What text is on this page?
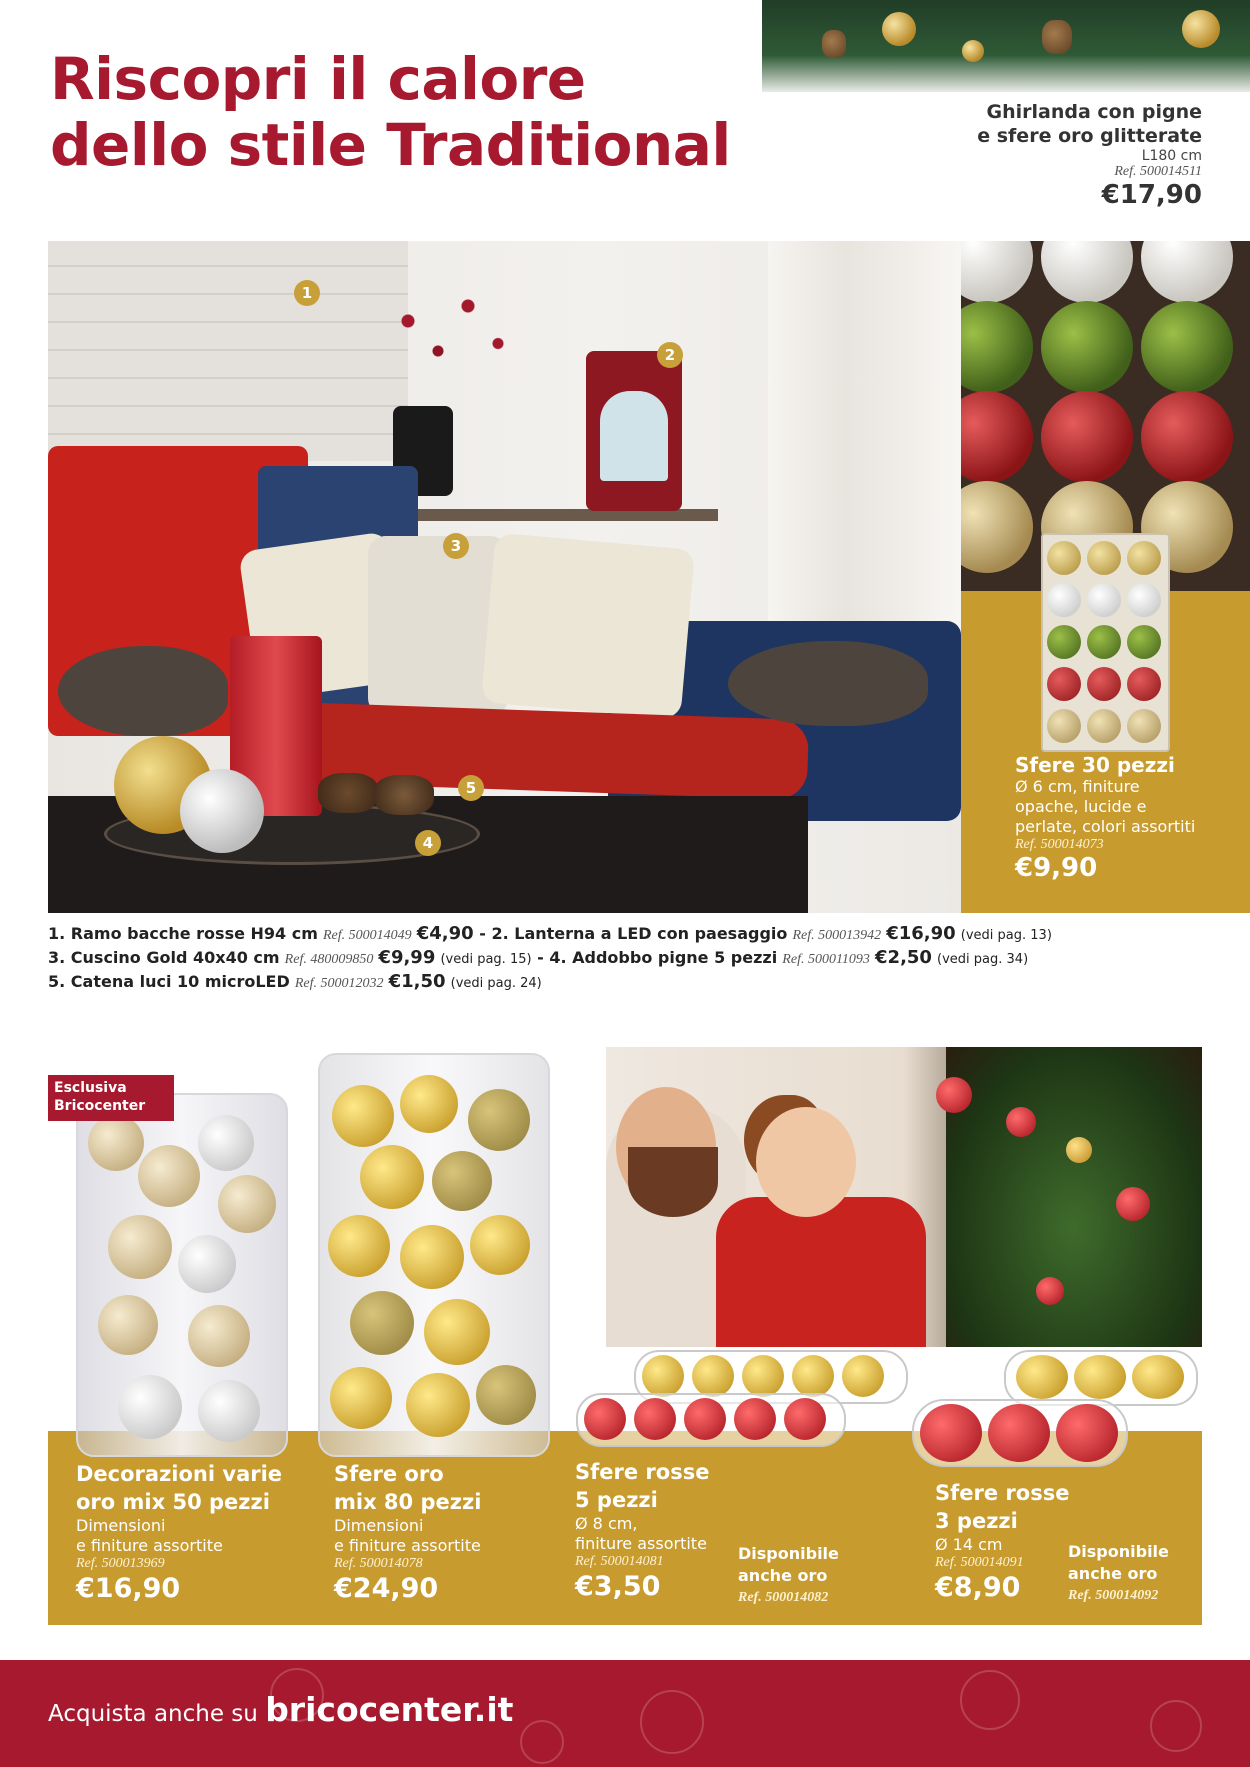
Riscopri il calore
dello stile Traditional	Ghirlanda con pigne
e sfere oro glitterate
L180 cm
Ref. 500014511
€17,90
1
2
3
4
5
Sfere 30 pezzi
Ø 6 cm, finiture
opache, lucide e
perlate, colori assortiti
Ref. 500014073
€9,90
1. Ramo bacche rosse H94 cm Ref. 500014049 €4,90 - 2. Lanterna a LED con paesaggio Ref. 500013942 €16,90 (vedi pag. 13)
3. Cuscino Gold 40x40 cm Ref. 480009850 €9,99 (vedi pag. 15) - 4. Addobbo pigne 5 pezzi Ref. 500011093 €2,50 (vedi pag. 34)
5. Catena luci 10 microLED Ref. 500012032 €1,50 (vedi pag. 24)
Esclusiva
Bricocenter
Decorazioni varie
oro mix 50 pezzi
Dimensioni
e finiture assortite
Ref. 500013969
€16,90
Sfere oro
mix 80 pezzi
Dimensioni
e finiture assortite
Ref. 500014078
€24,90
Sfere rosse
5 pezzi
Ø 8 cm,
finiture assortite
Ref. 500014081
€3,50
Disponibile
anche oro
Ref. 500014082
Sfere rosse
3 pezzi
Ø 14 cm
Ref. 500014091
€8,90
Disponibile
anche oro
Ref. 500014092
Acquista anche su bricocenter.it
